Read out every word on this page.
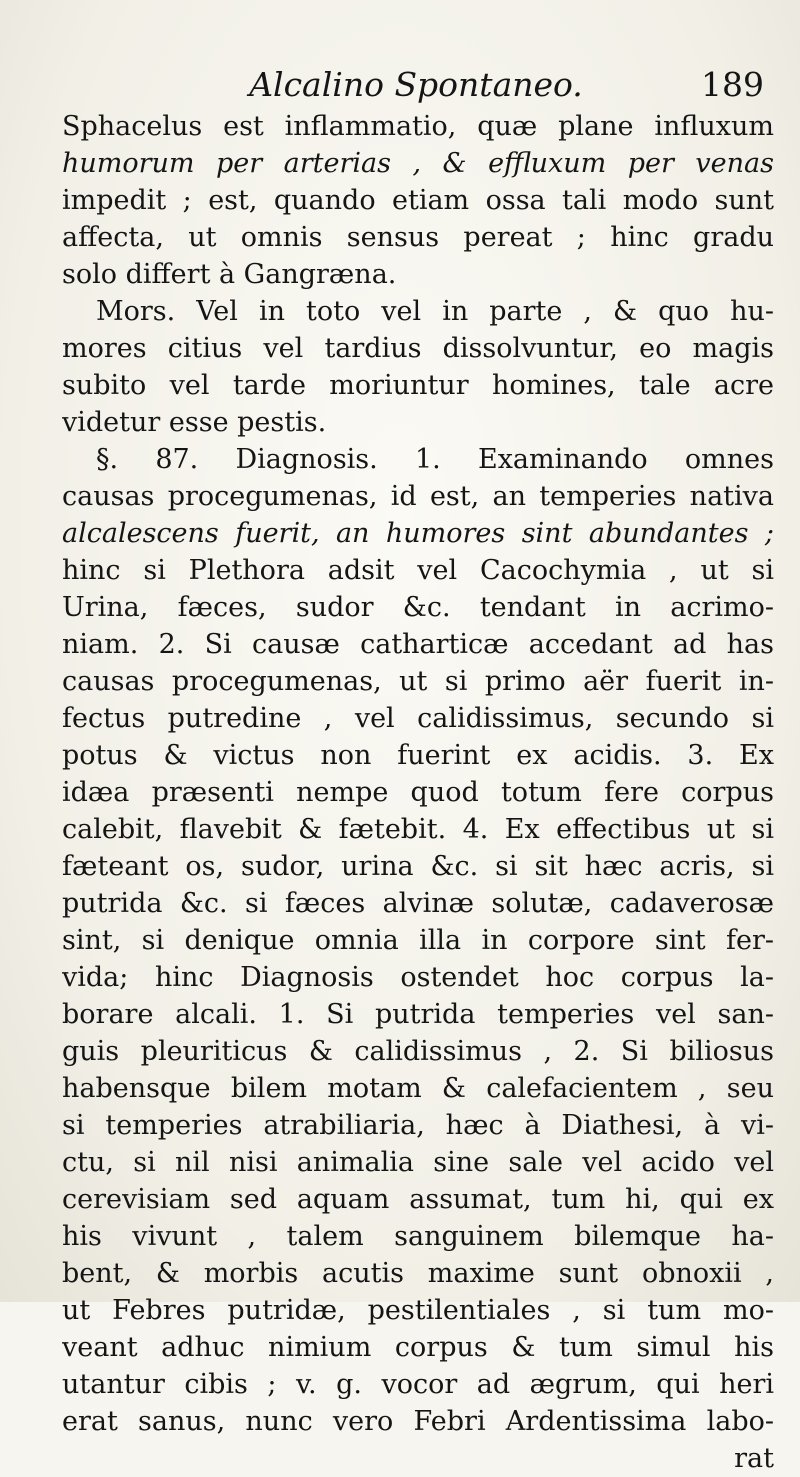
Alcalino Spontaneo.	189
Sphacelus est inflammatio, quæ plane influxum
humorum per arterias , & effluxum per venas
impedit ; est, quando etiam ossa tali modo sunt
affecta, ut omnis sensus pereat ; hinc gradu
solo differt à Gangræna.
Mors. Vel in toto vel in parte , & quo hu-
mores citius vel tardius dissolvuntur, eo magis
subito vel tarde moriuntur homines, tale acre
videtur esse pestis.
§. 87. Diagnosis. 1. Examinando omnes
causas procegumenas, id est, an temperies nativa
alcalescens fuerit, an humores sint abundantes ;
hinc si Plethora adsit vel Cacochymia , ut si
Urina, fæces, sudor &c. tendant in acrimo-
niam. 2. Si causæ catharticæ accedant ad has
causas procegumenas, ut si primo aër fuerit in-
fectus putredine , vel calidissimus, secundo si
potus & victus non fuerint ex acidis. 3. Ex
idæa præsenti nempe quod totum fere corpus
calebit, flavebit & fætebit. 4. Ex effectibus ut si
fæteant os, sudor, urina &c. si sit hæc acris, si
putrida &c. si fæces alvinæ solutæ, cadaverosæ
sint, si denique omnia illa in corpore sint fer-
vida; hinc Diagnosis ostendet hoc corpus la-
borare alcali. 1. Si putrida temperies vel san-
guis pleuriticus & calidissimus , 2. Si biliosus
habensque bilem motam & calefacientem , seu
si temperies atrabiliaria, hæc à Diathesi, à vi-
ctu, si nil nisi animalia sine sale vel acido vel
cerevisiam sed aquam assumat, tum hi, qui ex
his vivunt , talem sanguinem bilemque ha-
bent, & morbis acutis maxime sunt obnoxii ,
ut Febres putridæ, pestilentiales , si tum mo-
veant adhuc nimium corpus & tum simul his
utantur cibis ; v. g. vocor ad ægrum, qui heri
erat sanus, nunc vero Febri Ardentissima labo-
rat
